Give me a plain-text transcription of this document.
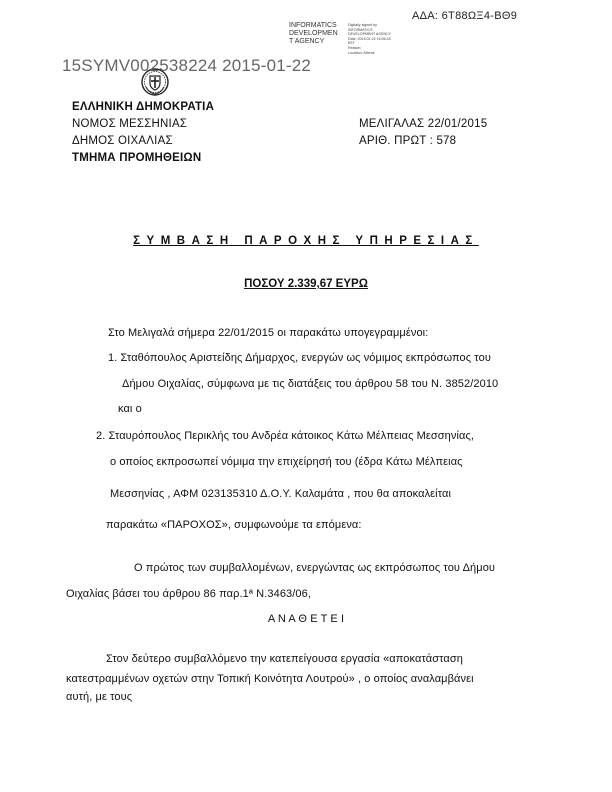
ΑΔΑ: 6Τ88ΩΞ4-ΒΘ9
INFORMATICS
DEVELOPMEN
T AGENCY
Digitally signed by
INFORMATICS
DEVELOPMENT AGENCY
Date: 2015.01.22 15:06:18
EET
Reason:
Location: Athens
15SYMV002538224 2015-01-22
ΕΛΛΗΝΙΚΗ ΔΗΜΟΚΡΑΤΙΑ
ΝΟΜΟΣ ΜΕΣΣΗΝΙΑΣ
ΔΗΜΟΣ ΟΙΧΑΛΙΑΣ
ΤΜΗΜΑ ΠΡΟΜΗΘΕΙΩΝ
ΜΕΛΙΓΑΛΑΣ 22/01/2015
ΑΡΙΘ. ΠΡΩΤ : 578
ΣΥΜΒΑΣΗ ΠΑΡΟΧΗΣ ΥΠΗΡΕΣΙΑΣ
ΠΟΣΟΥ 2.339,67 ΕΥΡΩ
Στο Μελιγαλά σήμερα 22/01/2015 οι παρακάτω υπογεγραμμένοι:
1. Σταθόπουλος Αριστείδης Δήμαρχος, ενεργών ως νόμιμος εκπρόσωπος του
Δήμου Οιχαλίας, σύμφωνα με τις διατάξεις του άρθρου 58 του Ν. 3852/2010
και ο
2. Σταυρόπουλος Περικλής του Ανδρέα κάτοικος Κάτω Μέλπειας Μεσσηνίας,
ο οποίος εκπροσωπεί νόμιμα την επιχείρησή του (έδρα Κάτω Μέλπειας
Μεσσηνίας , ΑΦΜ 023135310 Δ.Ο.Υ. Καλαμάτα , που θα αποκαλείται
παρακάτω «ΠΑΡΟΧΟΣ», συμφωνούμε τα επόμενα:
Ο πρώτος των συμβαλλομένων, ενεργώντας ως εκπρόσωπος του Δήμου
Οιχαλίας βάσει του άρθρου 86 παρ.1ª Ν.3463/06,
Α Ν Α Θ Ε Τ Ε Ι
Στον δεύτερο συμβαλλόμενο την κατεπείγουσα εργασία «αποκατάσταση
κατεστραμμένων οχετών στην Τοπική Κοινότητα Λουτρού» , ο οποίος αναλαμβάνει
αυτή, με τους
